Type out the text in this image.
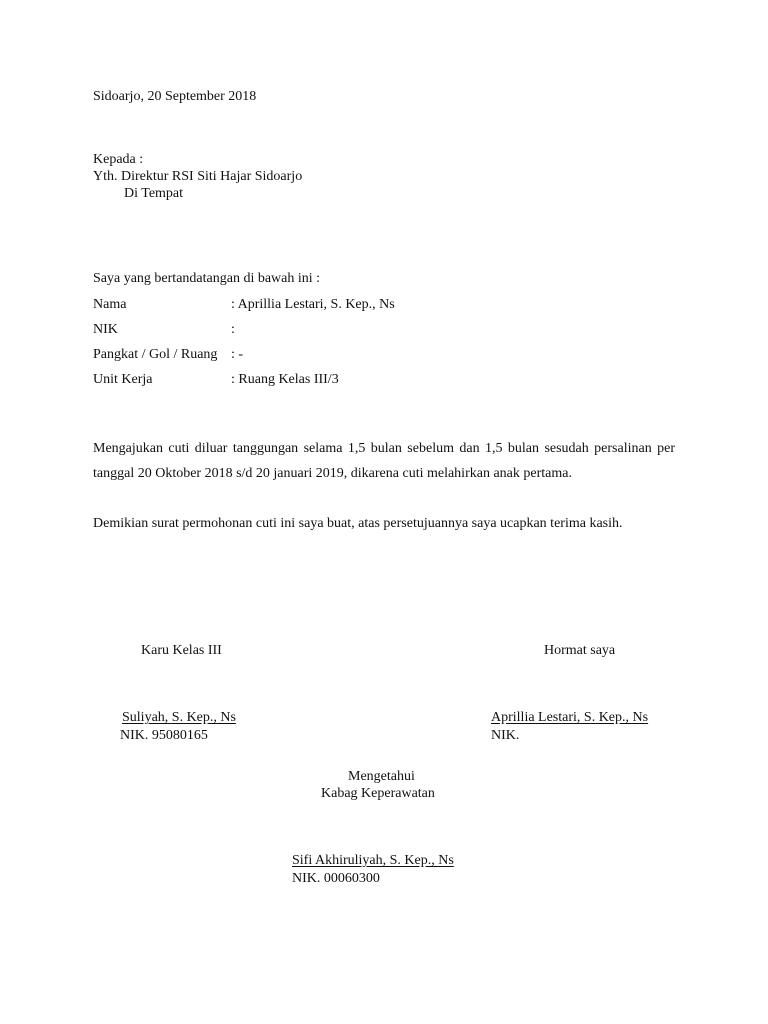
Sidoarjo, 20 September 2018
Kepada :
Yth. Direktur RSI Siti Hajar Sidoarjo
Di Tempat
Saya yang bertandatangan di bawah ini :
Nama	: Aprillia Lestari, S. Kep., Ns
NIK	:
Pangkat / Gol / Ruang : -
Unit Kerja	: Ruang Kelas III/3
Mengajukan cuti diluar tanggungan selama 1,5 bulan sebelum dan 1,5 bulan sesudah persalinan per tanggal 20 Oktober 2018 s/d 20 januari 2019, dikarena cuti melahirkan anak pertama.
Demikian surat permohonan cuti ini saya buat, atas persetujuannya saya ucapkan terima kasih.
Karu Kelas III
Suliyah, S. Kep., Ns
NIK. 95080165
Hormat saya
Aprillia Lestari, S. Kep., Ns
NIK.
Mengetahui
Kabag Keperawatan
Sifi Akhiruliyah, S. Kep., Ns
NIK. 00060300
